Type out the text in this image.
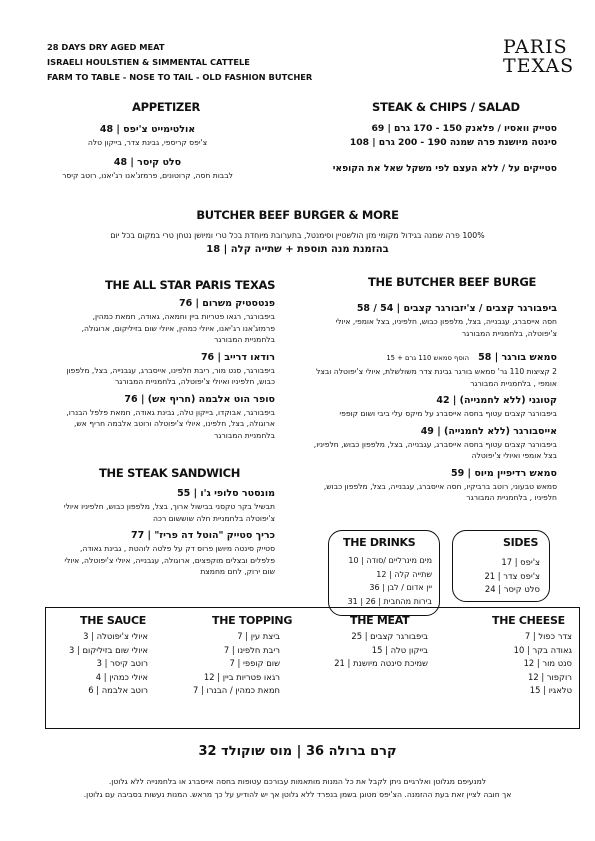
28 DAYS DRY AGED MEAT
ISRAELI HOULSTIEN & SIMMENTAL CATTELE
FARM TO TABLE - NOSE TO TAIL - OLD FASHION BUTCHER
PARIS
TEXAS
APPETIZER
אולטימייט צ'יפס | 48
צ'יפס קריספי, גבינת צדר, בייקון טלה
סלט קיסר | 48
לבבות חסה, קרוטונים, פרמזג'אנו רג'יאנו, רוטב קיסר
STEAK & CHIPS / SALAD
סטייק וואסיו / פלאנק 150 - 170 גרם | 69
סינטה מיושנת פרה שמנה 190 - 200 גרם | 108
סטייקים על / ללא העצם לפי משקל שאל את הקופאי
BUTCHER BEEF BURGER & MORE
100% פרה שמנה בגידול מקומי מזן הולשטיין וסימנטל, בתערובת מיוחדת בכל טרי ומיושן נטחן טרי במקום בכל יום
בהזמנת מנה תוספת + שתייה קלה | 18
THE ALL STAR PARIS TEXAS
פנטסטיק משרום | 76
ביפבורגר, רגאו פטריות ביין וחמאה, גאודה, חמאת כמהין, פרמזג'אנו רג'יאנו, איולי כמהין, איולי שום בזיליקום, ארוגולה, בלחמניית המבורגר
רודאו דרייב | 76
ביפבורגר, סנט מור, ריבת חלפינו, אייסברג, עגבנייה, בצל, מלפפון כבוש, חלפיניו ואיולי צ'יפוטלה, בלחמניית המבורגר
סופר הוט אלבמה (חריף אש) | 76
ביפבורגר, אבוקדו, בייקון טלה, גבינת גאודה, חמאת פלפל הבנרו, ארוגולה, בצל, חלפינו, איולי צ'יפוטלה ורוטב אלבמה חריף אש, בלחמניית המבורגר
THE STEAK SANDWICH
מונסטר סלופי ג'ו | 55
תבשיל בקר טקסני בבישול ארוך, בצל, מלפפון כבוש, חלפיניו איולי צ'יפוטלה בלחמניית חלה שוששום רכה
כריך סטייק "הוטל דה פריז" | 77
סטייק סינטה מיושן פרוס דק על פלטה לוהטת , גבינת גאודה, פלפלים ובצלים מוקפצים, ארוגולה, עגבנייה, איולי צ'יפוטלה, איולי שום ירוק, לחם מחמצת
THE BUTCHER BEEF BURGE
ביפבורגר קצבים / צ'יזבורגר קצבים | 54 / 58
חסה אייסברג, עגבנייה, בצל, מלפפון כבוש, חלפיניו, בצל אומפי, איולי צ'יפוטלה, בלחמניית המבורגר
סמאש בורגר | 58 הוסף סמאש 110 גרם + 15
2 קציצות 110 גר' סמאש בורגר גבינת צדר משולשלת, איולי צ'יפוטלה ובצל אומפי , בלחמניית המבורגר
קטוגני (ללא לחמנייה) | 42
ביפבורגר קצבים עטוף בחסה אייסברג על מיקס עלי ביבי ושום קופפי
אייסבורגר (ללא לחמנייה) | 49
ביפבורגר קצבים עטוף בחסה אייסברג, עגבנייה, בצל, מלפפון כבוש, חלפיניו, בצל אומפי ואיולי צ'יפוטלה
סמאש רדיפיין מיוס | 59
סמאש טבעוני, רוטב ברביקיו, חסה אייסברג, עגבנייה, בצל, מלפפון כבוש, חלפיניו , בלחמניית המבורגר
THE DRINKS
מים מינרליים /סודה | 10
שתייה קלה | 12
יין אדום / לבן | 36
בירות מהחבית | 26 | 31
SIDES
צ'יפס | 17
צ'יפס צדר | 21
סלט קיסר | 24
THE SAUCE
איולי צ'יפוטלה | 3
איולי שום בזיליקום | 3
רוטב קיסר | 3
איולי כמהין | 4
רוטב אלבמה | 6
THE TOPPING
ביצת עין | 7
ריבת חלפינו | 7
שום קופפי | 7
רגאו פטריות ביין | 12
חמאת כמהין / הבנרו | 7
THE MEAT
ביפבורגר קצבים | 25
בייקון טלה | 15
שמיכת סינטה מיושנת | 21
THE CHEESE
צדר כפול | 7
גאודה בקר | 10
סנט מור | 12
רוקפור | 12
טלאגיו | 15
קרם ברולה 36 | מוס שוקולד 32
למנעיפם מגלוטן ואלרגיים ניתן לקבל את כל המנות מותאמות עבורכם עטופות בחסה אייסברג או בלחמנייה ללא גלוטן.
אך חובה לציין זאת בעת ההזמנה. הצ'יפס מטוגן בשמן בנפרד ללא גלוטן אך יש להודיע על כך מראש. המנות נעשות בסביבה עם גלוטן.
